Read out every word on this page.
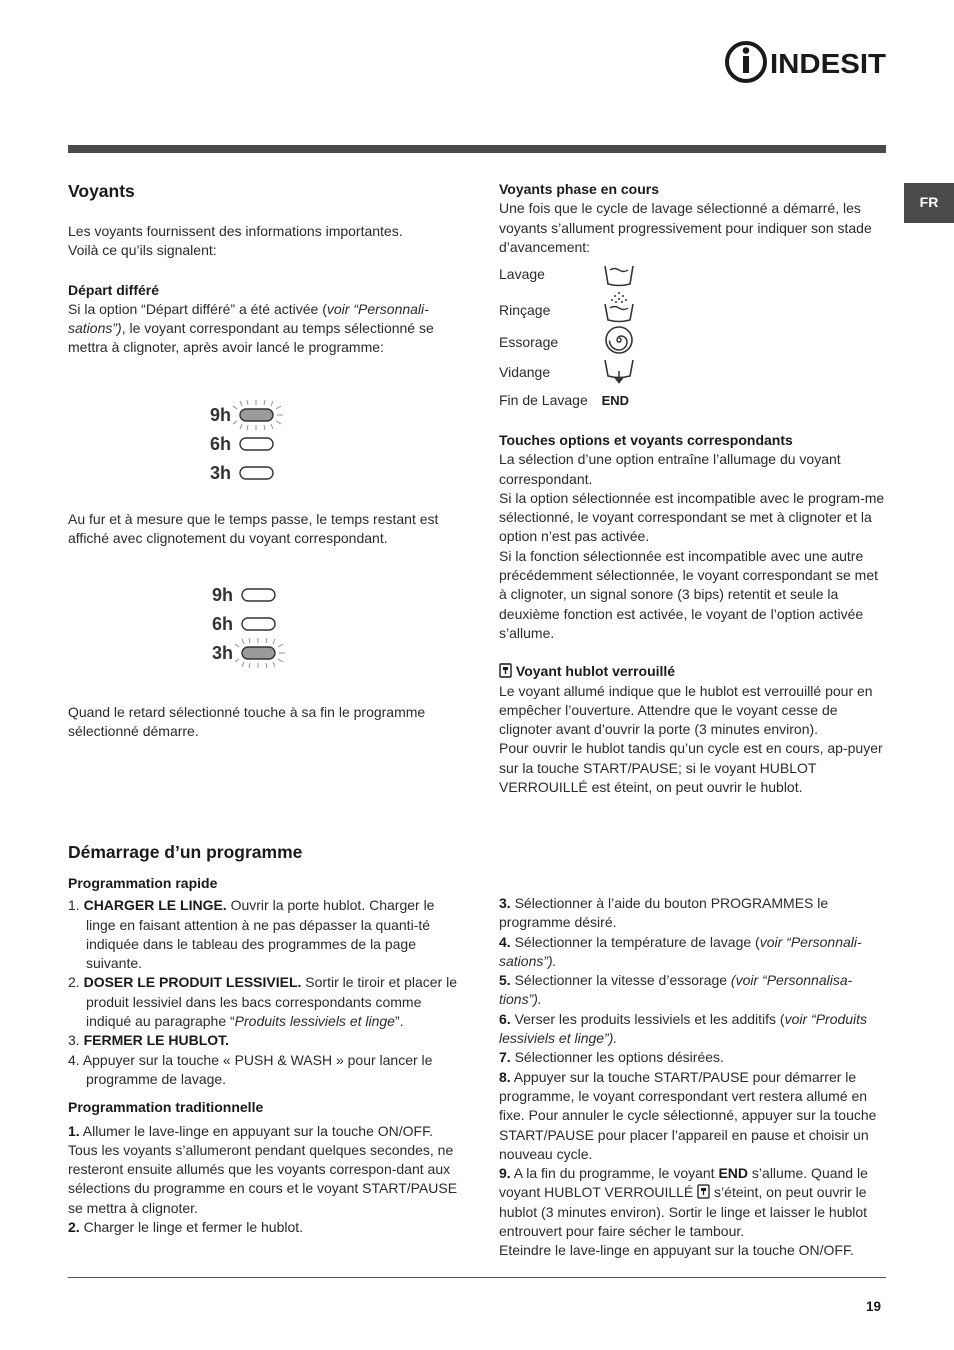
INDESIT
FR
Voyants

Les voyants fournissent des informations importantes.

Voilà ce qu’ils signalent:

Départ différé

Si la option “Départ différé” a été activée (voir “Personnali-sations”), le voyant correspondant au temps sélectionné se mettra à clignoter, après avoir lancé le programme:

9h
6h
3h

Au fur et à mesure que le temps passe, le temps restant est affiché avec clignotement du voyant correspondant.

9h
6h
3h

Quand le retard sélectionné touche à sa fin le programme sélectionné démarre.

Voyants phase en cours

Une fois que le cycle de lavage sélectionné a démarré, les voyants s’allument progressivement pour indiquer son stade d’avancement:

Lavage
Rinçage
Essorage
Vidange
Fin de Lavage END
Touches options et voyants correspondants

La sélection d’une option entraîne l’allumage du voyant correspondant.

Si la option sélectionnée est incompatible avec le program-me sélectionné, le voyant correspondant se met à clignoter et la option n’est pas activée.

Si la fonction sélectionnée est incompatible avec une autre précédemment sélectionnée, le voyant correspondant se met à clignoter, un signal sonore (3 bips) retentit et seule la deuxième fonction est activée, le voyant de l’option activée s’allume.

Voyant hublot verrouillé

Le voyant allumé indique que le hublot est verrouillé pour en empêcher l’ouverture. Attendre que le voyant cesse de clignoter avant d’ouvrir la porte (3 minutes environ).

Pour ouvrir le hublot tandis qu’un cycle est en cours, ap-puyer sur la touche START/PAUSE; si le voyant HUBLOT VERROUILLÉ est éteint, on peut ouvrir le hublot.

Démarrage d’un programme
Programmation rapide
1. CHARGER LE LINGE. Ouvrir la porte hublot. Charger le linge en faisant attention à ne pas dépasser la quanti-té indiquée dans le tableau des programmes de la page suivante.
2. DOSER LE PRODUIT LESSIVIEL. Sortir le tiroir et placer le produit lessiviel dans les bacs correspondants comme indiqué au paragraphe “Produits lessiviels et linge”.
3. FERMER LE HUBLOT.
4. Appuyer sur la touche « PUSH & WASH » pour lancer le programme de lavage.
Programmation traditionnelle

1. Allumer le lave-linge en appuyant sur la touche ON/OFF. Tous les voyants s’allumeront pendant quelques secondes, ne resteront ensuite allumés que les voyants correspon-dant aux sélections du programme en cours et le voyant START/PAUSE se mettra à clignoter.

2. Charger le linge et fermer le hublot.

3. Sélectionner à l’aide du bouton PROGRAMMES le programme désiré.

4. Sélectionner la température de lavage (voir “Personnali-sations”).

5. Sélectionner la vitesse d’essorage (voir “Personnalisa-tions”).

6. Verser les produits lessiviels et les additifs (voir “Produits lessiviels et linge”).

7. Sélectionner les options désirées.

8. Appuyer sur la touche START/PAUSE pour démarrer le programme, le voyant correspondant vert restera allumé en fixe. Pour annuler le cycle sélectionné, appuyer sur la touche START/PAUSE pour placer l’appareil en pause et choisir un nouveau cycle.

9. A la fin du programme, le voyant END s’allume. Quand le voyant HUBLOT VERROUILLÉ  s’éteint, on peut ouvrir le hublot (3 minutes environ). Sortir le linge et laisser le hublot entrouvert pour faire sécher le tambour.

Eteindre le lave-linge en appuyant sur la touche ON/OFF.

19
